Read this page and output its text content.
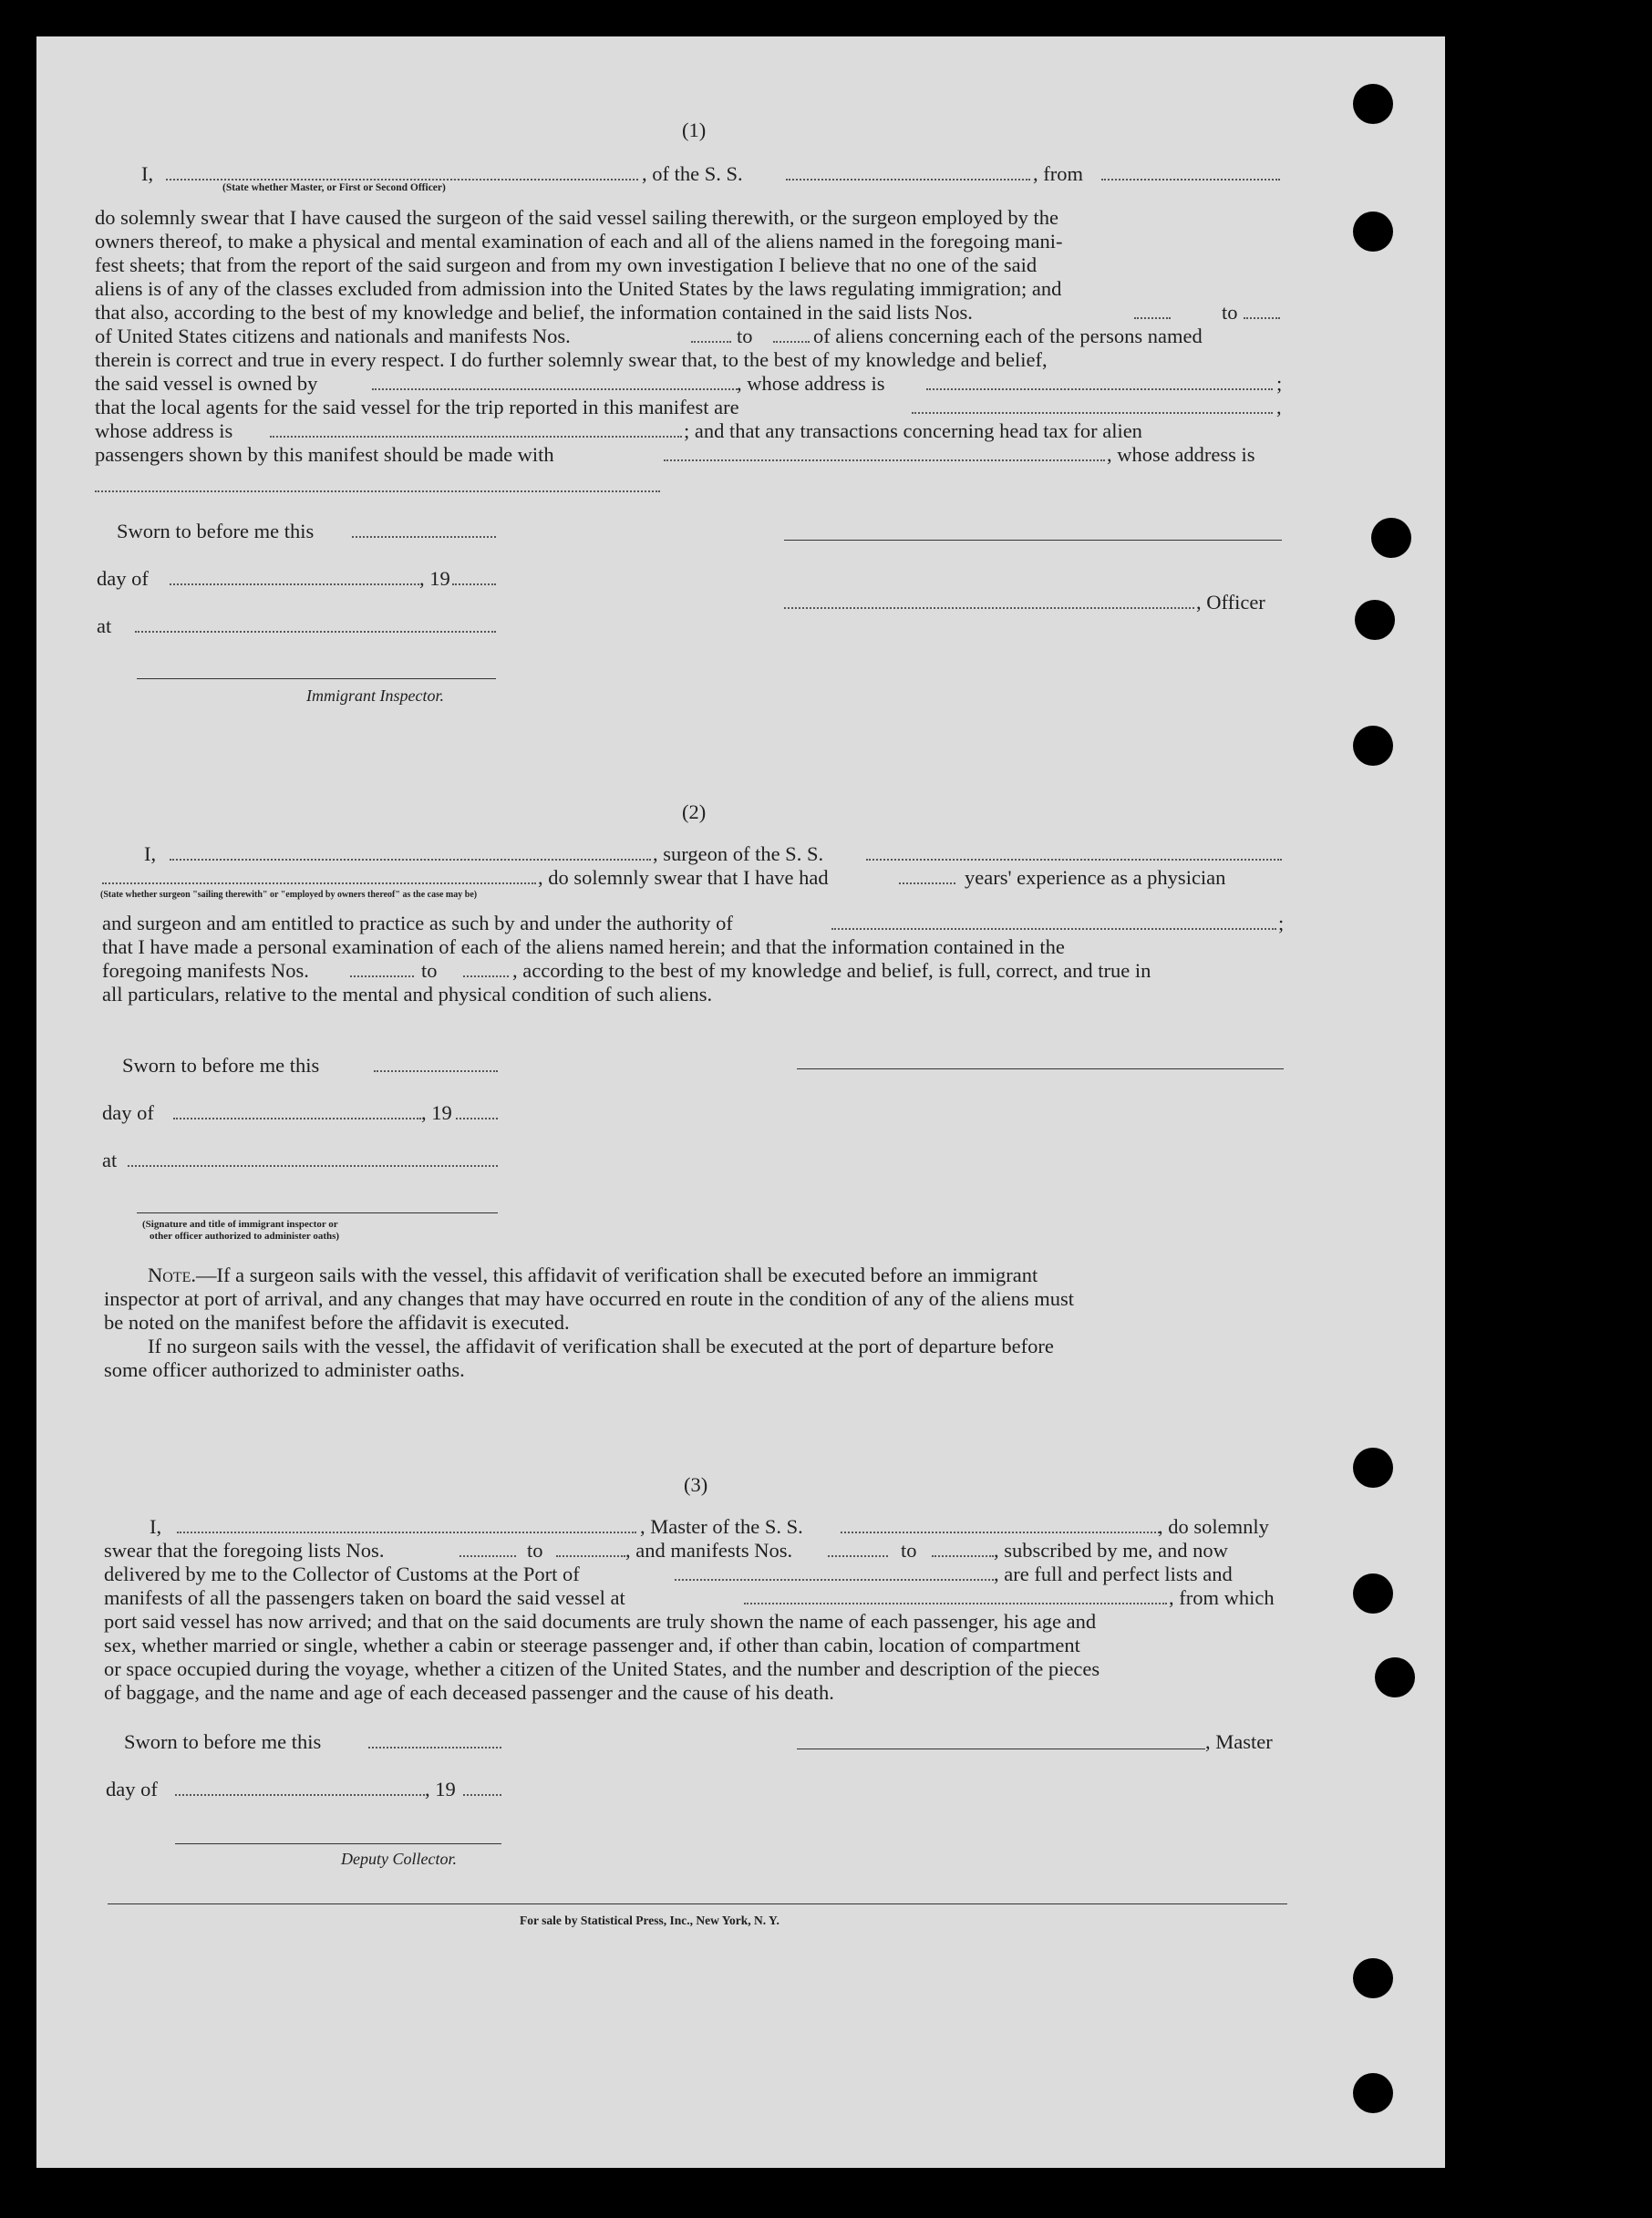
(1)
I,
(State whether Master, or First or Second Officer)
, of the S. S.	, from
do solemnly swear that I have caused the surgeon of the said vessel sailing therewith, or the surgeon employed by the
owners thereof, to make a physical and mental examination of each and all of the aliens named in the foregoing mani-
fest sheets; that from the report of the said surgeon and from my own investigation I believe that no one of the said
aliens is of any of the classes excluded from admission into the United States by the laws regulating immigration; and
that also, according to the best of my knowledge and belief, the information contained in the said lists Nos.	to
of United States citizens and nationals and manifests Nos.	to	of aliens concerning each of the persons named
therein is correct and true in every respect. I do further solemnly swear that, to the best of my knowledge and belief,
the said vessel is owned by	, whose address is	;
that the local agents for the said vessel for the trip reported in this manifest are	,
whose address is	; and that any transactions concerning head tax for alien
passengers shown by this manifest should be made with	, whose address is
Sworn to before me this
day of	, 19
, Officer
at
Immigrant Inspector.
(2)
I,	, surgeon of the S. S.
, do solemnly swear that I have had	years' experience as a physician
(State whether surgeon "sailing therewith" or "employed by owners thereof" as the case may be)
and surgeon and am entitled to practice as such by and under the authority of	;
that I have made a personal examination of each of the aliens named herein; and that the information contained in the
foregoing manifests Nos.	to	, according to the best of my knowledge and belief, is full, correct, and true in
all particulars, relative to the mental and physical condition of such aliens.
Sworn to before me this
day of	, 19
at
(Signature and title of immigrant inspector or
other officer authorized to administer oaths)
Note.—If a surgeon sails with the vessel, this affidavit of verification shall be executed before an immigrant
inspector at port of arrival, and any changes that may have occurred en route in the condition of any of the aliens must
be noted on the manifest before the affidavit is executed.
If no surgeon sails with the vessel, the affidavit of verification shall be executed at the port of departure before
some officer authorized to administer oaths.
(3)
I,	, Master of the S. S.	, do solemnly
swear that the foregoing lists Nos.	to	, and manifests Nos.	to	, subscribed by me, and now
delivered by me to the Collector of Customs at the Port of	, are full and perfect lists and
manifests of all the passengers taken on board the said vessel at	, from which
port said vessel has now arrived; and that on the said documents are truly shown the name of each passenger, his age and
sex, whether married or single, whether a cabin or steerage passenger and, if other than cabin, location of compartment
or space occupied during the voyage, whether a citizen of the United States, and the number and description of the pieces
of baggage, and the name and age of each deceased passenger and the cause of his death.
Sworn to before me this	, Master
day of	, 19
Deputy Collector.
For sale by Statistical Press, Inc., New York, N. Y.
